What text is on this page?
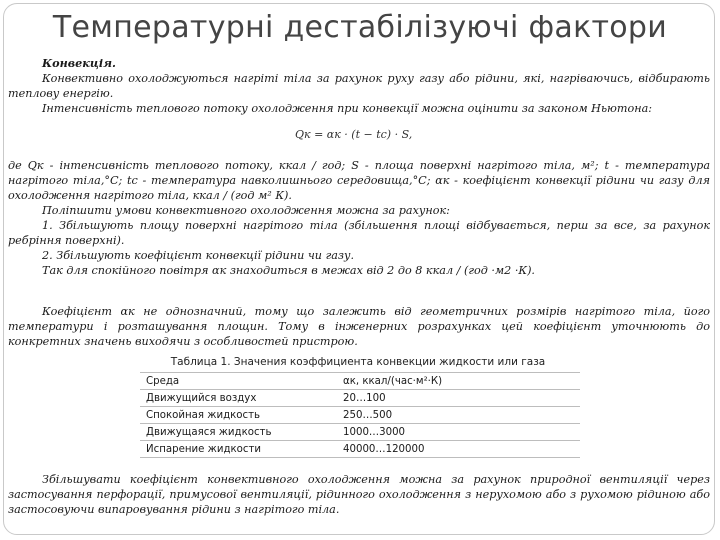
Температурні дестабілізуючі фактори

Конвекція.

Конвективно охолоджуються нагріті тіла за рахунок руху газу або рідини, які, нагріваючись, відбирають теплову енергію.

Інтенсивність теплового потоку охолодження при конвекції можна оцінити за законом Ньютона:

Qк = αк · (t − tc) · S,

де Qк - інтенсивність теплового потоку, ккал / год; S - площа поверхні нагрітого тіла, м²; t - температура нагрітого тіла,°С; tc - температура навколишнього середовища,°С; αк - коефіцієнт конвекції рідини чи газу для охолодження нагрітого тіла, ккал / (год м² К).

Поліпшити умови конвективного охолодження можна за рахунок:

1. Збільшують площу поверхні нагрітого тіла (збільшення площі відбувається, перш за все, за рахунок ребріння поверхні).

2. Збільшують коефіцієнт конвекції рідини чи газу.

Так для спокійного повітря αк знаходиться в межах від 2 до 8 ккал / (год ·м2 ·К).

Коефіцієнт αк не однозначний, тому що залежить від геометричних розмірів нагрітого тіла, його температури і розташування площин. Тому в інженерних розрахунках цей коефіцієнт уточнюють до конкретних значень виходячи з особливостей пристрою.

Таблица 1. Значения коэффициента конвекции жидкости или газа
Среда	αк, ккал/(час·м²·К)
Движущийся воздух	20…100
Спокойная жидкость	250…500
Движущаяся жидкость	1000…3000
Испарение жидкости	40000…120000

Збільшувати коефіцієнт конвективного охолодження можна за рахунок природної вентиляції через застосування перфорації, примусової вентиляції, рідинного охолодження з нерухомою або з рухомою рідиною або застосовуючи випаровування рідини з нагрітого тіла.
